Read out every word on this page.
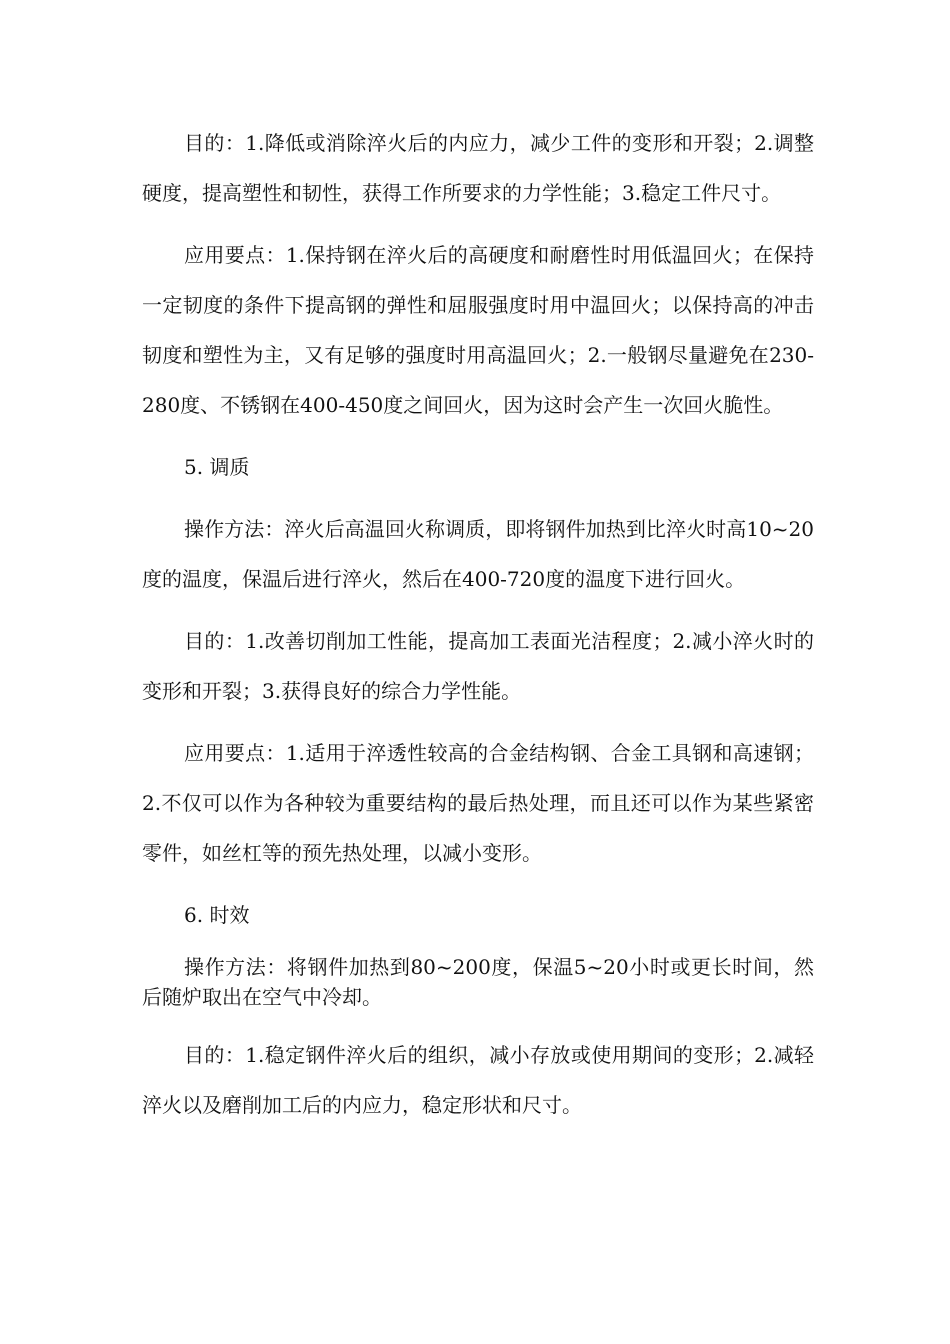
目的：1.降低或消除淬火后的内应力，减少工件的变形和开裂；2.调整硬度，提高塑性和韧性，获得工作所要求的力学性能；3.稳定工件尺寸。

应用要点：1.保持钢在淬火后的高硬度和耐磨性时用低温回火；在保持一定韧度的条件下提高钢的弹性和屈服强度时用中温回火；以保持高的冲击韧度和塑性为主，又有足够的强度时用高温回火；2.一般钢尽量避免在230-280度、不锈钢在400-450度之间回火，因为这时会产生一次回火脆性。

5. 调质

操作方法：淬火后高温回火称调质，即将钢件加热到比淬火时高10~20度的温度，保温后进行淬火，然后在400-720度的温度下进行回火。

目的：1.改善切削加工性能，提高加工表面光洁程度；2.减小淬火时的变形和开裂；3.获得良好的综合力学性能。

应用要点：1.适用于淬透性较高的合金结构钢、合金工具钢和高速钢；2.不仅可以作为各种较为重要结构的最后热处理，而且还可以作为某些紧密零件，如丝杠等的预先热处理，以减小变形。

6. 时效

操作方法：将钢件加热到80~200度，保温5~20小时或更长时间，然后随炉取出在空气中冷却。

目的：1.稳定钢件淬火后的组织，减小存放或使用期间的变形；2.减轻淬火以及磨削加工后的内应力，稳定形状和尺寸。
